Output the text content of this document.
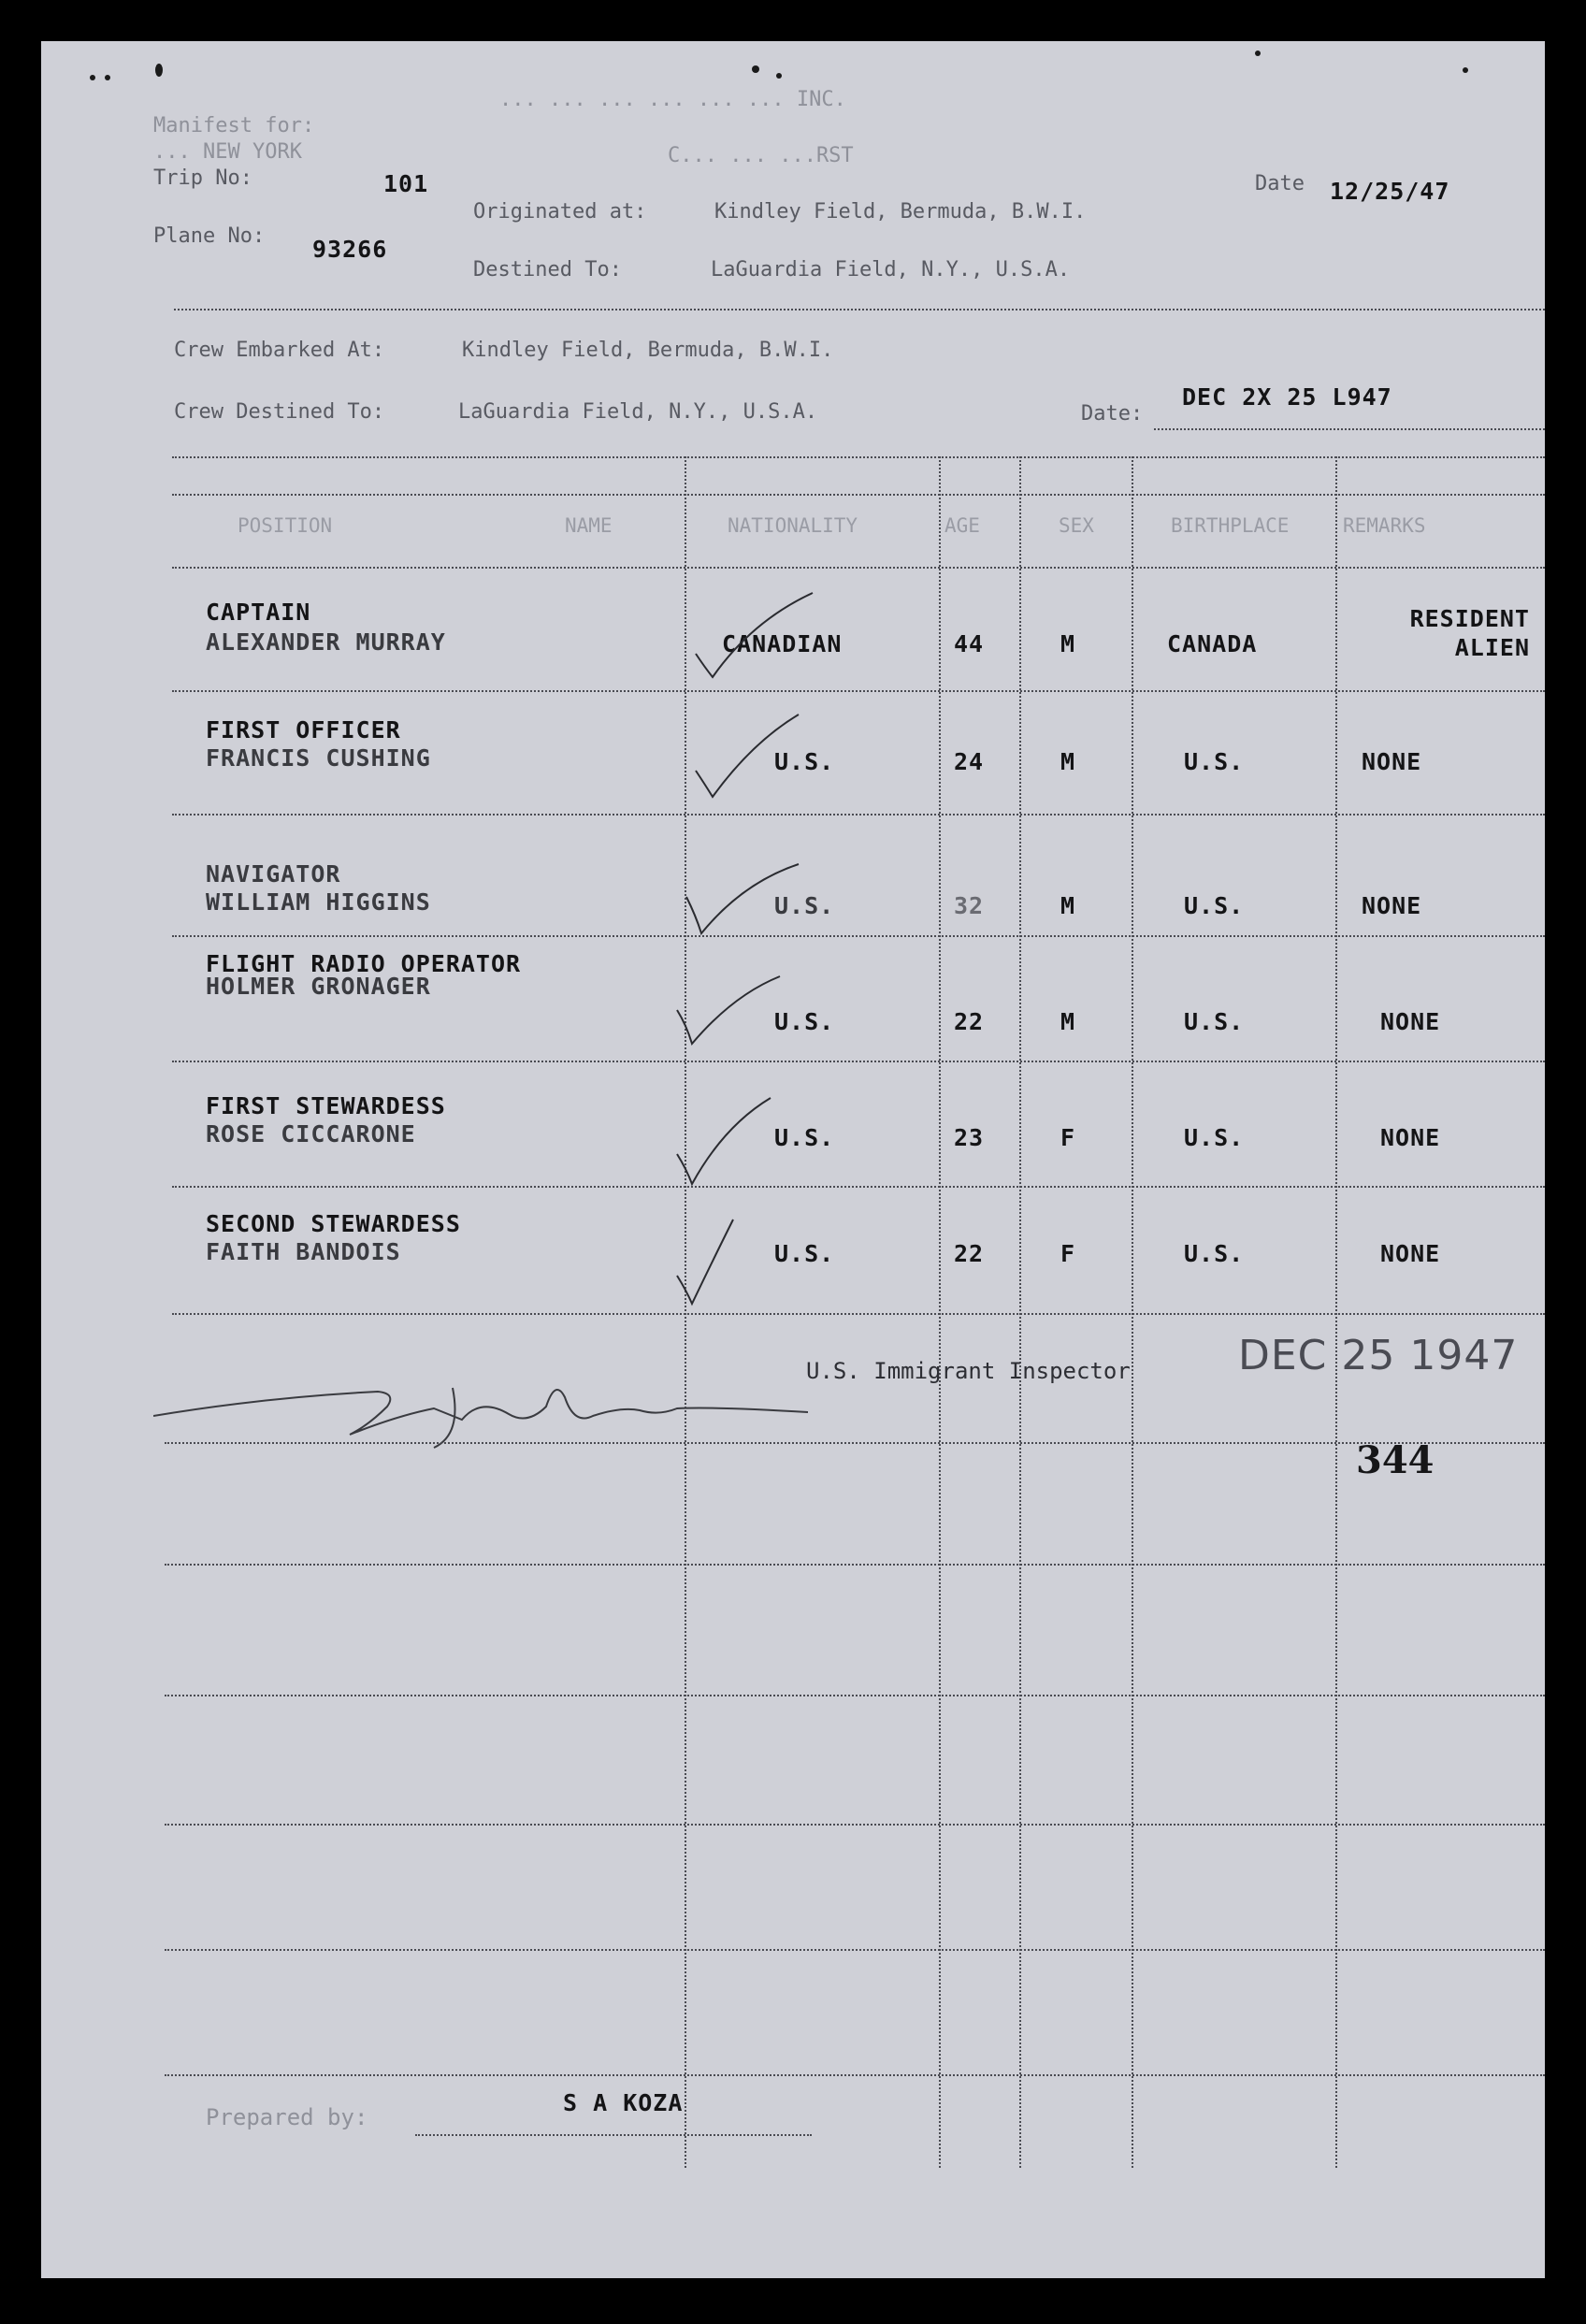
... ... ... ... ... ... INC.
Manifest for:
... NEW YORK	C... ... ...RST
Trip No:	101
Plane No: 93266
Originated at:	Kindley Field, Bermuda, B.W.I.
Destined To:	LaGuardia Field, N.Y., U.S.A.
Date 12/25/47
Crew Embarked At:	Kindley Field, Bermuda, B.W.I.
Crew Destined To:	LaGuardia Field, N.Y., U.S.A.	Date:
DEC 2X 25 L947
POSITION	NAME	NATIONALITY	AGE	SEX	BIRTHPLACE	REMARKS
CAPTAIN
ALEXANDER MURRAY	CANADIAN	44	M	CANADA
RESIDENT
ALIEN
FIRST OFFICER
FRANCIS CUSHING	U.S.	24	M	U.S.	NONE
NAVIGATOR
WILLIAM HIGGINS	U.S.	32	M	U.S.	NONE
FLIGHT RADIO OPERATOR
HOLMER GRONAGER
U.S.	22	M	U.S.	NONE
FIRST STEWARDESS
ROSE CICCARONE	U.S.	23	F	U.S.	NONE
SECOND STEWARDESS
FAITH BANDOIS	U.S.	22	F	U.S.	NONE
U.S. Immigrant Inspector	DEC 25 1947
344
Prepared by:
S A KOZA
